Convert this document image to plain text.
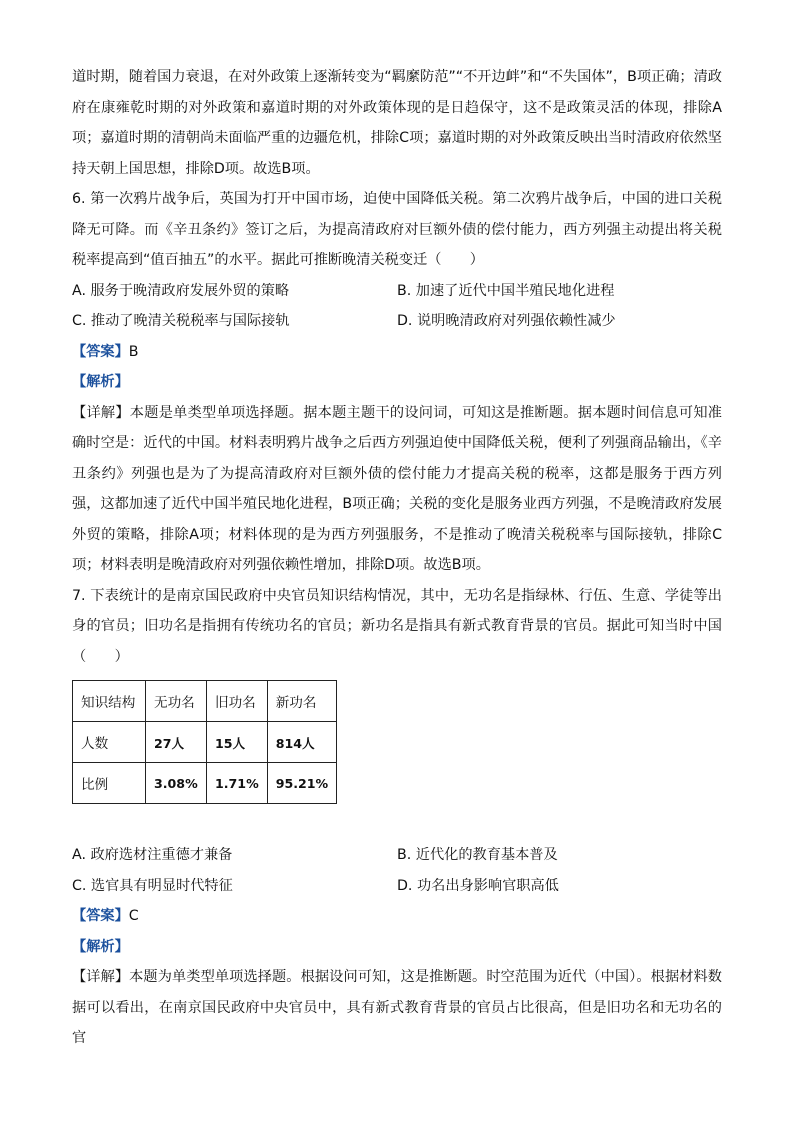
道时期，随着国力衰退，在对外政策上逐渐转变为“羁縻防范”“不开边衅”和“不失国体”，B项正确；清政府在康雍乾时期的对外政策和嘉道时期的对外政策体现的是日趋保守，这不是政策灵活的体现，排除A项；嘉道时期的清朝尚未面临严重的边疆危机，排除C项；嘉道时期的对外政策反映出当时清政府依然坚持天朝上国思想，排除D项。故选B项。

6. 第一次鸦片战争后，英国为打开中国市场，迫使中国降低关税。第二次鸦片战争后，中国的进口关税降无可降。而《辛丑条约》签订之后，为提高清政府对巨额外债的偿付能力，西方列强主动提出将关税税率提高到“值百抽五”的水平。据此可推断晚清关税变迁（　　）

A. 服务于晚清政府发展外贸的策略	B. 加速了近代中国半殖民地化进程
C. 推动了晚清关税税率与国际接轨	D. 说明晚清政府对列强依赖性减少
【答案】B
【解析】

【详解】本题是单类型单项选择题。据本题主题干的设问词，可知这是推断题。据本题时间信息可知准确时空是：近代的中国。材料表明鸦片战争之后西方列强迫使中国降低关税，便利了列强商品输出，《辛丑条约》列强也是为了为提高清政府对巨额外债的偿付能力才提高关税的税率，这都是服务于西方列强，这都加速了近代中国半殖民地化进程，B项正确；关税的变化是服务业西方列强，不是晚清政府发展外贸的策略，排除A项；材料体现的是为西方列强服务，不是推动了晚清关税税率与国际接轨，排除C项；材料表明是晚清政府对列强依赖性增加，排除D项。故选B项。

7. 下表统计的是南京国民政府中央官员知识结构情况，其中，无功名是指绿林、行伍、生意、学徒等出身的官员；旧功名是指拥有传统功名的官员；新功名是指具有新式教育背景的官员。据此可知当时中国（　　）

知识结构	无功名	旧功名	新功名
人数	27人	15人	814人
比例	3.08%	1.71%	95.21%
A. 政府选材注重德才兼备	B. 近代化的教育基本普及
C. 选官具有明显时代特征	D. 功名出身影响官职高低
【答案】C
【解析】

【详解】本题为单类型单项选择题。根据设问可知，这是推断题。时空范围为近代（中国）。根据材料数据可以看出，在南京国民政府中央官员中，具有新式教育背景的官员占比很高，但是旧功名和无功名的官
